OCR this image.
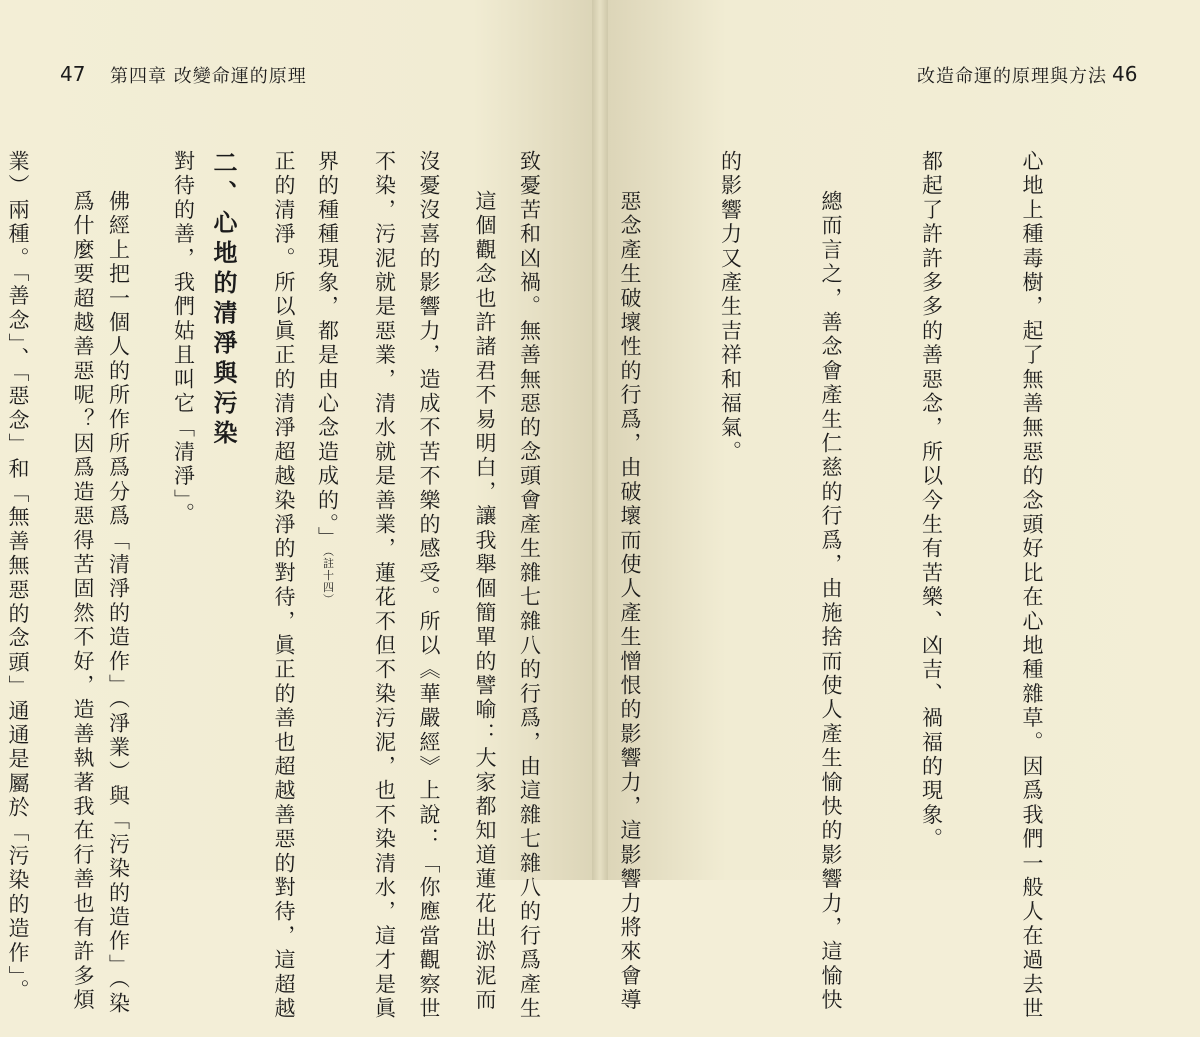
47 第四章 改變命運的原理	改造命運的原理與方法 46

心地上種毒樹，起了無善無惡的念頭好比在心地種雜草。因爲我們一般人在過去世

都起了許許多多的善惡念，所以今生有苦樂、凶吉、禍福的現象。

總而言之，善念會產生仁慈的行爲，由施捨而使人產生愉快的影響力，這愉快

的影響力又產生吉祥和福氣。

惡念產生破壞性的行爲，由破壞而使人產生憎恨的影響力，這影響力將來會導

致憂苦和凶禍。無善無惡的念頭會產生雜七雜八的行爲，由這雜七雜八的行爲產生

沒憂沒喜的影響力，造成不苦不樂的感受。所以《華嚴經》上說：「你應當觀察世

界的種種現象，都是由心念造成的。」（註十四）

二、心地的清淨與污染

佛經上把一個人的所作所爲分爲「清淨的造作」（淨業）與「污染的造作」（染

業）兩種。「善念」、「惡念」和「無善無惡的念頭」通通是屬於「污染的造作」。

	這個觀念也許諸君不易明白，讓我舉個簡單的譬喻：大家都知道蓮花出淤泥而

不染，污泥就是惡業，清水就是善業，蓮花不但不染污泥，也不染清水，這才是眞

正的清淨。所以眞正的清淨超越染淨的對待，眞正的善也超越善惡的對待，這超越

對待的善，我們姑且叫它「清淨」。

爲什麼要超越善惡呢？因爲造惡得苦固然不好，造善執著我在行善也有許多煩
